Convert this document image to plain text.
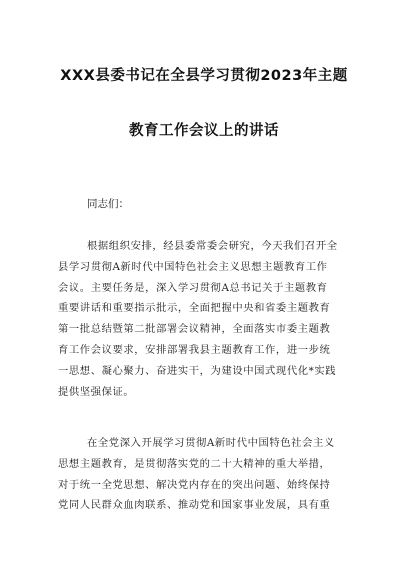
XXX县委书记在全县学习贯彻2023年主题
教育工作会议上的讲话

同志们：

根据组织安排，经县委常委会研究，今天我们召开全
县学习贯彻A新时代中国特色社会主义思想主题教育工作
会议。主要任务是，深入学习贯彻A总书记关于主题教育
重要讲话和重要指示批示，全面把握中央和省委主题教育
第一批总结暨第二批部署会议精神，全面落实市委主题教
育工作会议要求，安排部署我县主题教育工作，进一步统
一思想、凝心聚力、奋进实干，为建设中国式现代化*实践
提供坚强保证。

在全党深入开展学习贯彻A新时代中国特色社会主义
思想主题教育，是贯彻落实党的二十大精神的重大举措，
对于统一全党思想、解决党内存在的突出问题、始终保持
党同人民群众血肉联系、推动党和国家事业发展，具有重
